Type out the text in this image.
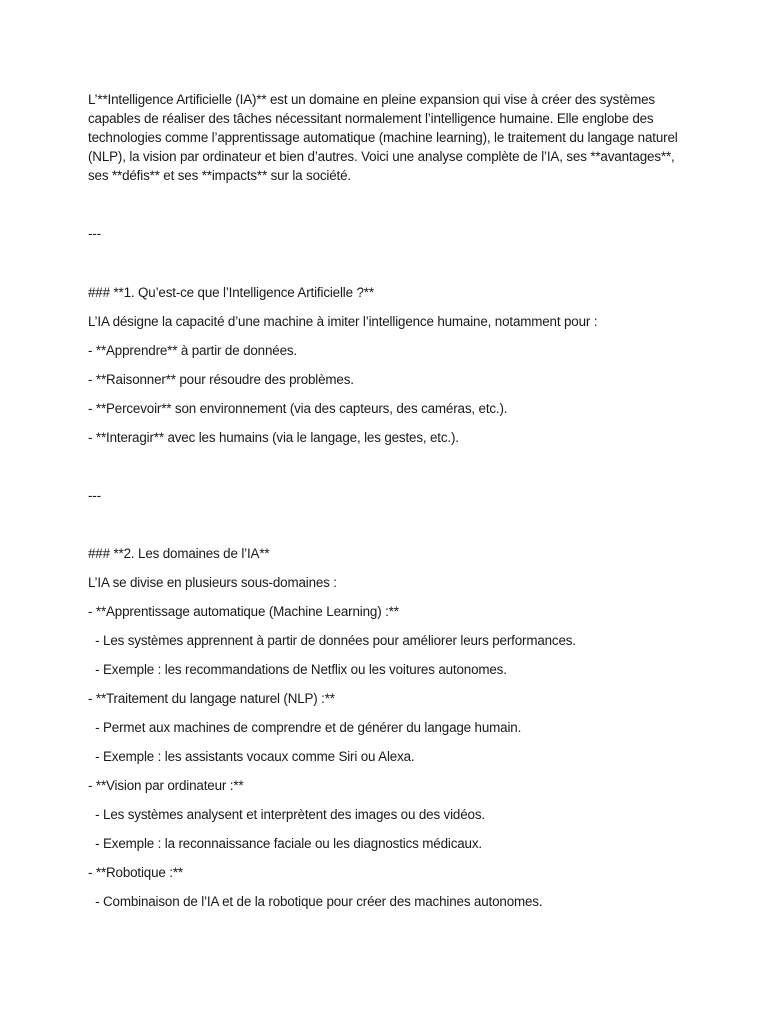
L’**Intelligence Artificielle (IA)** est un domaine en pleine expansion qui vise à créer des systèmes
capables de réaliser des tâches nécessitant normalement l’intelligence humaine. Elle englobe des
technologies comme l’apprentissage automatique (machine learning), le traitement du langage naturel
(NLP), la vision par ordinateur et bien d’autres. Voici une analyse complète de l’IA, ses **avantages**,
ses **défis** et ses **impacts** sur la société.
---
### **1. Qu’est-ce que l’Intelligence Artificielle ?**
L’IA désigne la capacité d’une machine à imiter l’intelligence humaine, notamment pour :
- **Apprendre** à partir de données.
- **Raisonner** pour résoudre des problèmes.
- **Percevoir** son environnement (via des capteurs, des caméras, etc.).
- **Interagir** avec les humains (via le langage, les gestes, etc.).
---
### **2. Les domaines de l’IA**
L’IA se divise en plusieurs sous-domaines :
- **Apprentissage automatique (Machine Learning) :**
- Les systèmes apprennent à partir de données pour améliorer leurs performances.
- Exemple : les recommandations de Netflix ou les voitures autonomes.
- **Traitement du langage naturel (NLP) :**
- Permet aux machines de comprendre et de générer du langage humain.
- Exemple : les assistants vocaux comme Siri ou Alexa.
- **Vision par ordinateur :**
- Les systèmes analysent et interprètent des images ou des vidéos.
- Exemple : la reconnaissance faciale ou les diagnostics médicaux.
- **Robotique :**
- Combinaison de l’IA et de la robotique pour créer des machines autonomes.
